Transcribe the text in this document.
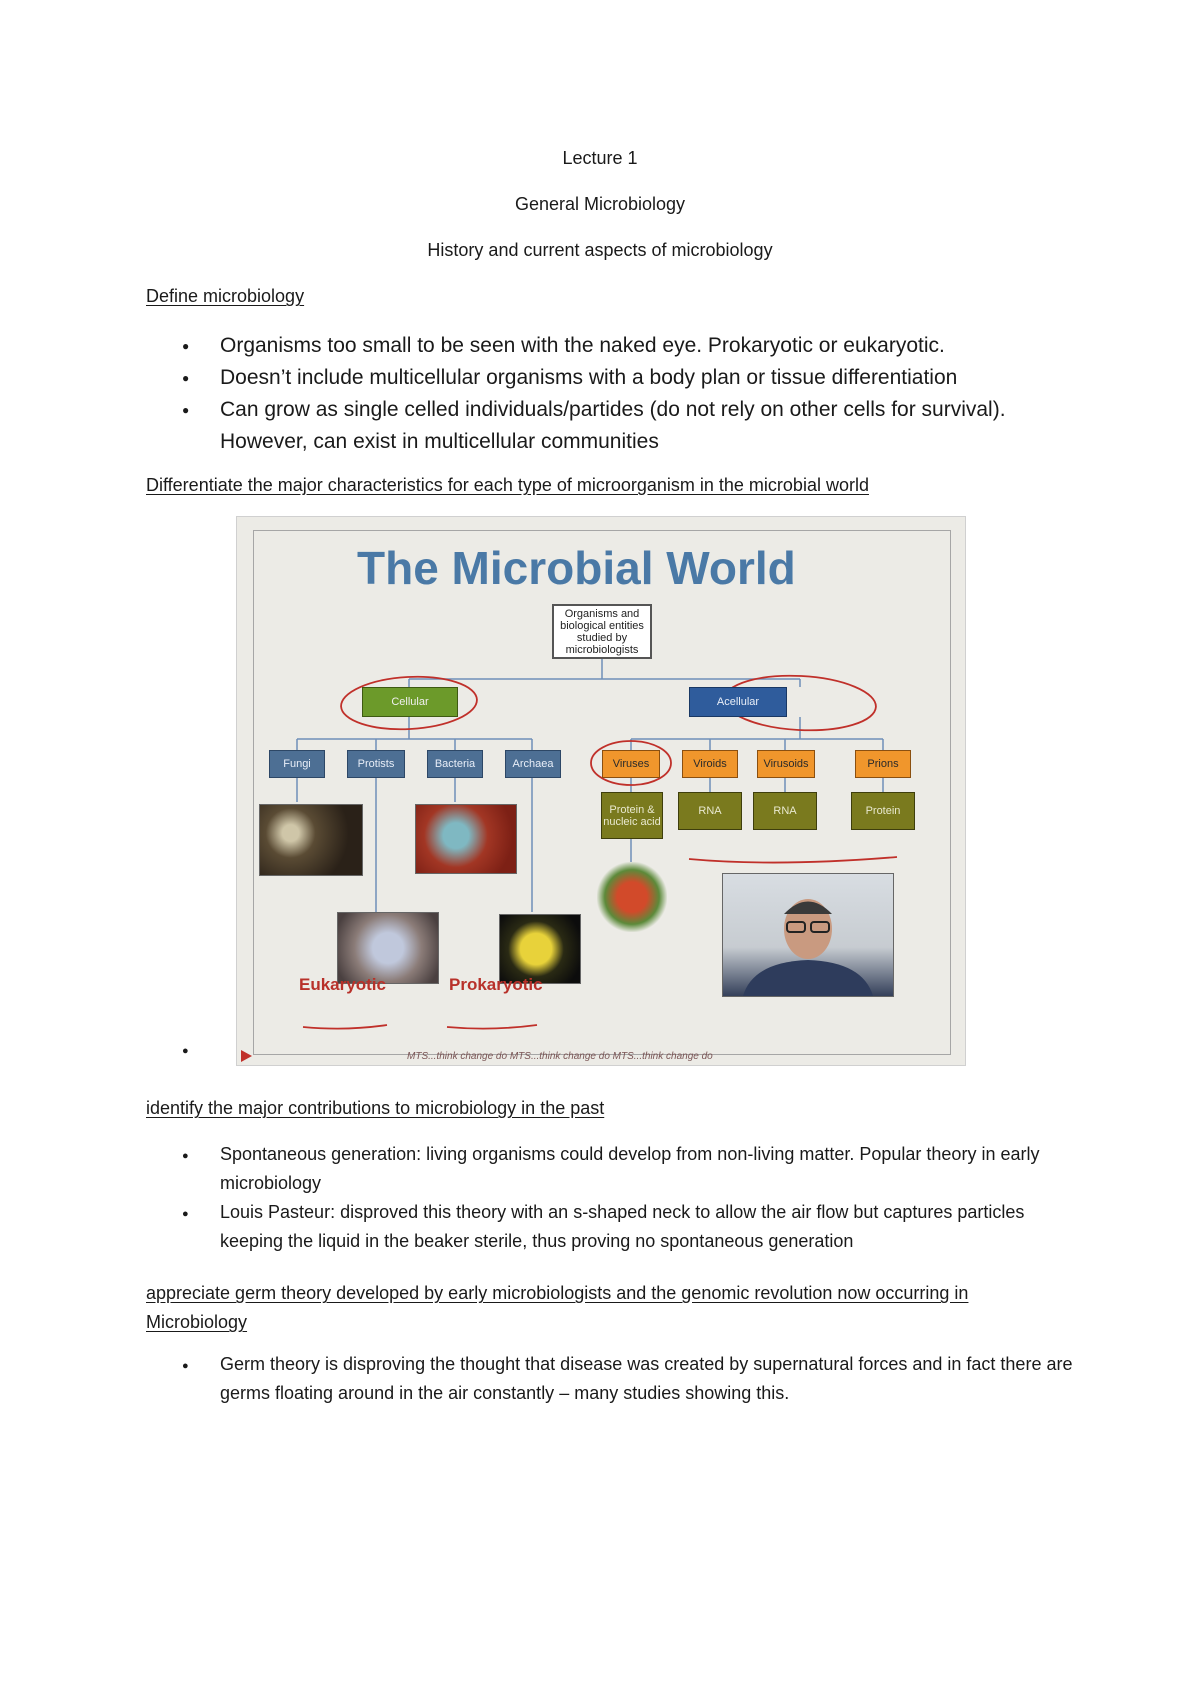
Lecture 1
General Microbiology
History and current aspects of microbiology
Define microbiology
● Organisms too small to be seen with the naked eye. Prokaryotic or eukaryotic.
● Doesn’t include multicellular organisms with a body plan or tissue differentiation
● Can grow as single celled individuals/partides (do not rely on other cells for survival). However, can exist in multicellular communities
Differentiate the major characteristics for each type of microorganism in the microbial world
The Microbial World
Organisms and biological entities studied by microbiologists
Cellular	Acellular
Fungi	Protists	Bacteria	Archaea	Viruses	Viroids	Virusoids	Prions
Protein & nucleic acid
RNA	RNA	Protein
Eukaryotic	Prokaryotic
MTS...think change do MTS...think change do MTS...think change do
●
identify the major contributions to microbiology in the past
● Spontaneous generation: living organisms could develop from non-living matter. Popular theory in early microbiology
● Louis Pasteur: disproved this theory with an s-shaped neck to allow the air flow but captures particles keeping the liquid in the beaker sterile, thus proving no spontaneous generation
appreciate germ theory developed by early microbiologists and the genomic revolution now occurring in Microbiology
● Germ theory is disproving the thought that disease was created by supernatural forces and in fact there are germs floating around in the air constantly – many studies showing this.
